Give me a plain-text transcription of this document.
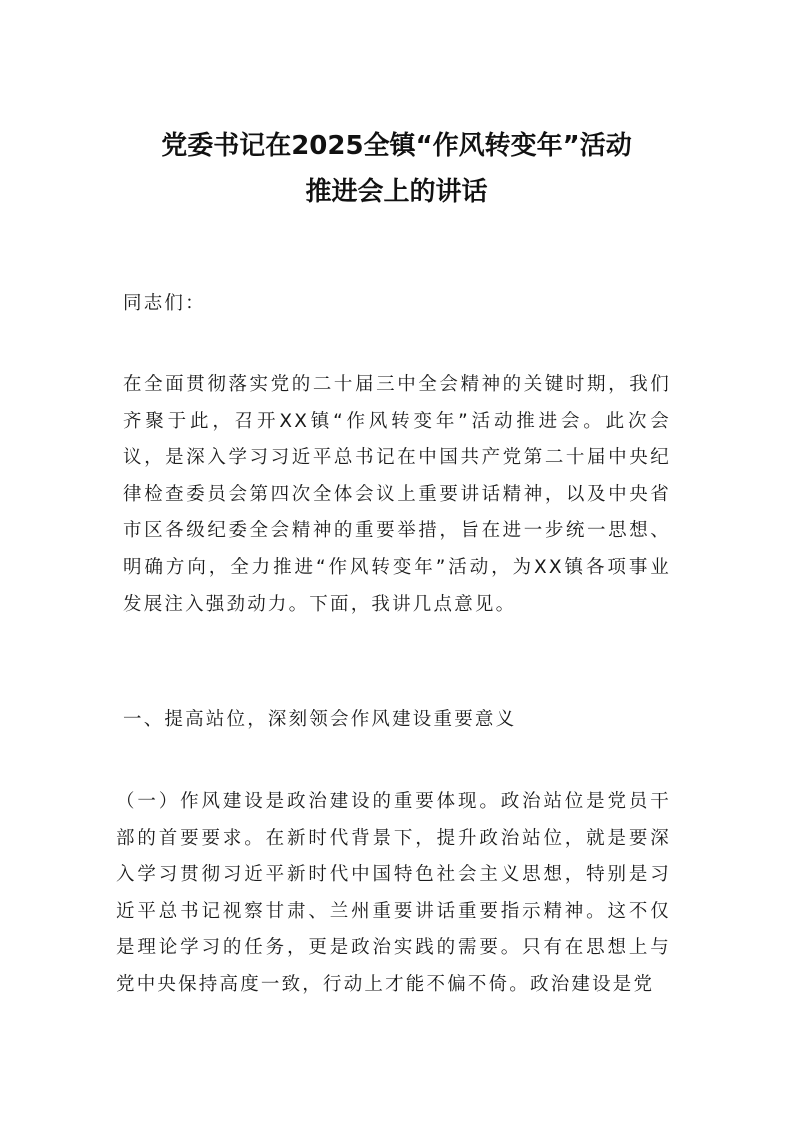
党委书记在2025全镇“作风转变年”活动
推进会上的讲话

同志们：

在全面贯彻落实党的二十届三中全会精神的关键时期，我们齐聚于此，召开XX镇“作风转变年”活动推进会。此次会议，是深入学习习近平总书记在中国共产党第二十届中央纪律检查委员会第四次全体会议上重要讲话精神，以及中央省市区各级纪委全会精神的重要举措，旨在进一步统一思想、明确方向，全力推进“作风转变年”活动，为XX镇各项事业发展注入强劲动力。下面，我讲几点意见。

一、提高站位，深刻领会作风建设重要意义

（一）作风建设是政治建设的重要体现。政治站位是党员干部的首要要求。在新时代背景下，提升政治站位，就是要深入学习贯彻习近平新时代中国特色社会主义思想，特别是习近平总书记视察甘肃、兰州重要讲话重要指示精神。这不仅是理论学习的任务，更是政治实践的需要。只有在思想上与党中央保持高度一致，行动上才能不偏不倚。政治建设是党
